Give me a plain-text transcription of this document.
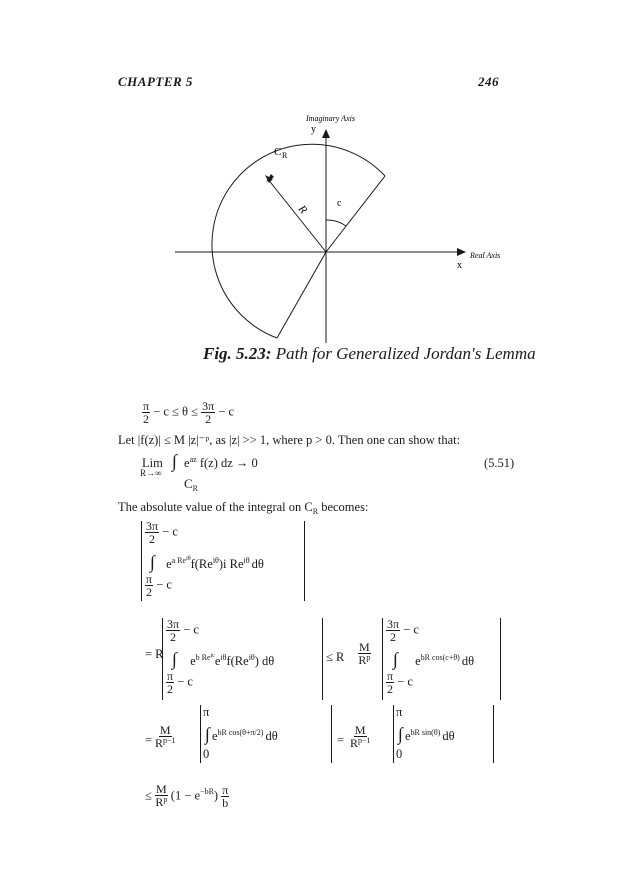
CHAPTER 5	246
Imaginary Axis
y
Real Axis
x
C R
R	c
Fig. 5.23: Path for Generalized Jordan's Lemma
$\frac{\pi}{2} - c \le \theta \le \frac{3\pi}{2} - c$
Let |f(z)| ≤ M |z|⁻ᵖ, as |z| >> 1, where p > 0. Then one can show that:
Lim ∫ $e^{az}$ f(z) dz → 0
R→∞
$C_R$
(5.51)
The absolute value of the integral on $C_R$ becomes:
$\frac{3\pi}{2} - c$
∫ $e^{a Rei\theta}f(Re^{i\theta})i$ $Re^{i\theta}$ dθ
$\frac{\pi}{2} - c$
= R
$\frac{3\pi}{2} - c$
∫ $e^{b Reic}e^{i\theta}f(Re^{i\theta})$ dθ
$\frac{\pi}{2} - c$
≤ R $\frac{M}{R^p}$
$\frac{3\pi}{2} - c$
∫ $e^{bR cos(c+\theta)}$ dθ
$\frac{\pi}{2} - c$
= $\frac{M}{R^{p-1}}$
π
∫ $e^{bR cos(\theta+\pi/2)}$ dθ
0
= $\frac{M}{R^{p-1}}$
π
∫ $e^{bR sin(\theta)}$ dθ
0
≤ $\frac{M}{R^p} (1 - e^{-bR}) \frac{\pi}{b}$
